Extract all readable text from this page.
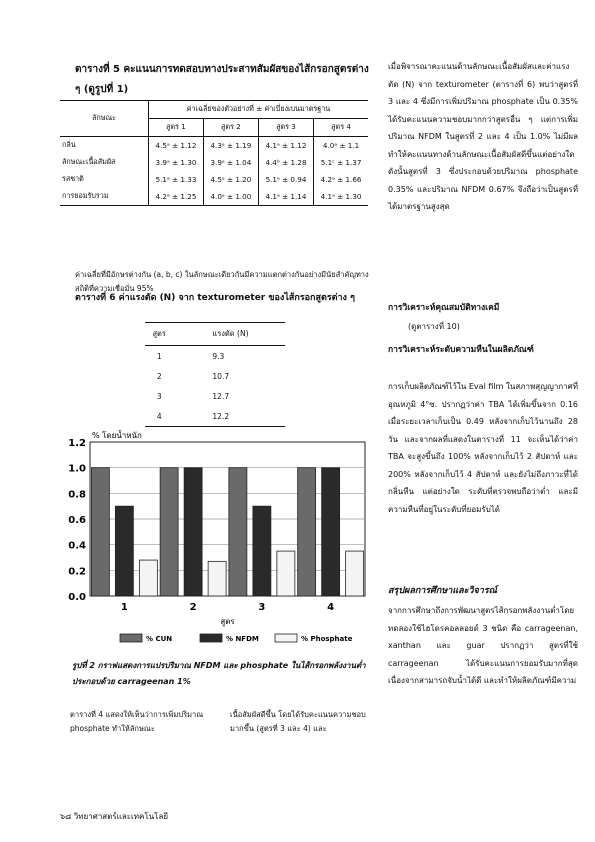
ตารางที่ 5 คะแนนการทดสอบทางประสาทสัมผัสของไส้กรอกสูตรต่าง ๆ (ดูรูปที่ 1)
ลักษณะ	ค่าเฉลี่ยของตัวอย่างที่ ± ค่าเบี่ยงเบนมาตรฐาน			
	สูตร 1	สูตร 2	สูตร 3	สูตร 4
กลิ่น	4.5ᵃ ± 1.12	4.3ᵃ ± 1.19	4.1ᵃ ± 1.12	4.0ᵃ ± 1.1
ลักษณะเนื้อสัมผัส	3.9ᵃ ± 1.30	3.9ᵃ ± 1.04	4.4ᵇ ± 1.28	5.1ᶜ ± 1.37
รสชาติ	5.1ᵃ ± 1.33	4.5ᵃ ± 1.20	5.1ᵃ ± 0.94	4.2ᵃ ± 1.66
การยอมรับรวม	4.2ᵃ ± 1.25	4.0ᵃ ± 1.00	4.1ᵃ ± 1.14	4.1ᵃ ± 1.30
ค่าเฉลี่ยที่มีอักษรต่างกัน (a, b, c) ในลักษณะเดียวกันมีความแตกต่างกันอย่างมีนัยสำคัญทางสถิติที่ความเชื่อมั่น 95%
ตารางที่ 6 ค่าแรงตัด (N) จาก texturometer ของไส้กรอกสูตรต่าง ๆ
สูตร	แรงตัด (N)
1	9.3
2	10.7
3	12.7
4	12.2
0.0
0.2
0.4
0.6
0.8
1.0
1.2
% โดยน้ำหนัก
1	2	3	4
สูตร
% CUN	% NFDM	% Phosphate
รูปที่ 2 กราฟแสดงการแปรปริมาณ NFDM และ phosphate ในไส้กรอกพลังงานต่ำประกอบด้วย carrageenan 1%
ตารางที่ 4 แสดงให้เห็นว่าการเพิ่มปริมาณ phosphate ทำให้ลักษณะ
เนื้อสัมผัสดีขึ้น โดยได้รับคะแนนความชอบมากขึ้น (สูตรที่ 3 และ 4) และ

เมื่อพิจารณาคะแนนด้านลักษณะเนื้อสัมผัสและค่าแรงตัด (N) จาก texturometer (ตารางที่ 6) พบว่าสูตรที่ 3 และ 4 ซึ่งมีการเพิ่มปริมาณ phosphate เป็น 0.35% ได้รับคะแนนความชอบมากกว่าสูตรอื่น ๆ แต่การเพิ่มปริมาณ NFDM ในสูตรที่ 2 และ 4 เป็น 1.0% ไม่มีผลทำให้คะแนนทางด้านลักษณะเนื้อสัมผัสดีขึ้นแต่อย่างใด ดังนั้นสูตรที่ 3 ซึ่งประกอบด้วยปริมาณ phosphate 0.35% และปริมาณ NFDM 0.67% จึงถือว่าเป็นสูตรที่ได้มาตรฐานสูงสุด

การวิเคราะห์คุณสมบัติทางเคมี
(ดูตารางที่ 10)
การวิเคราะห์ระดับความหืนในผลิตภัณฑ์

การเก็บผลิตภัณฑ์ไว้ใน Eval film ในสภาพสุญญากาศที่อุณหภูมิ 4°ซ. ปรากฏว่าค่า TBA ได้เพิ่มขึ้นจาก 0.16 เมื่อระยะเวลาเก็บเป็น 0.49 หลังจากเก็บไว้นานถึง 28 วัน และจากผลที่แสดงในตารางที่ 11 จะเห็นได้ว่าค่า TBA จะสูงขึ้นถึง 100% หลังจากเก็บไว้ 2 สัปดาห์ และ 200% หลังจากเก็บไว้ 4 สัปดาห์ และยังไม่ถึงภาวะที่ได้กลิ่นหืน แต่อย่างใด ระดับที่ตรวจพบถือว่าต่ำ และมีความหืนที่อยู่ในระดับที่ยอมรับได้

สรุปผลการศึกษาและวิจารณ์

จากการศึกษาถึงการพัฒนาสูตรไส้กรอกพลังงานต่ำโดยทดลองใช้ไฮโดรคอลลอยด์ 3 ชนิด คือ carrageenan, xanthan และ guar ปรากฏว่า สูตรที่ใช้ carrageenan ได้รับคะแนนการยอมรับมากที่สุดเนื่องจากสามารถจับน้ำได้ดี และทำให้ผลิตภัณฑ์มีความ

๖๘ วิทยาศาสตร์และเทคโนโลยี
